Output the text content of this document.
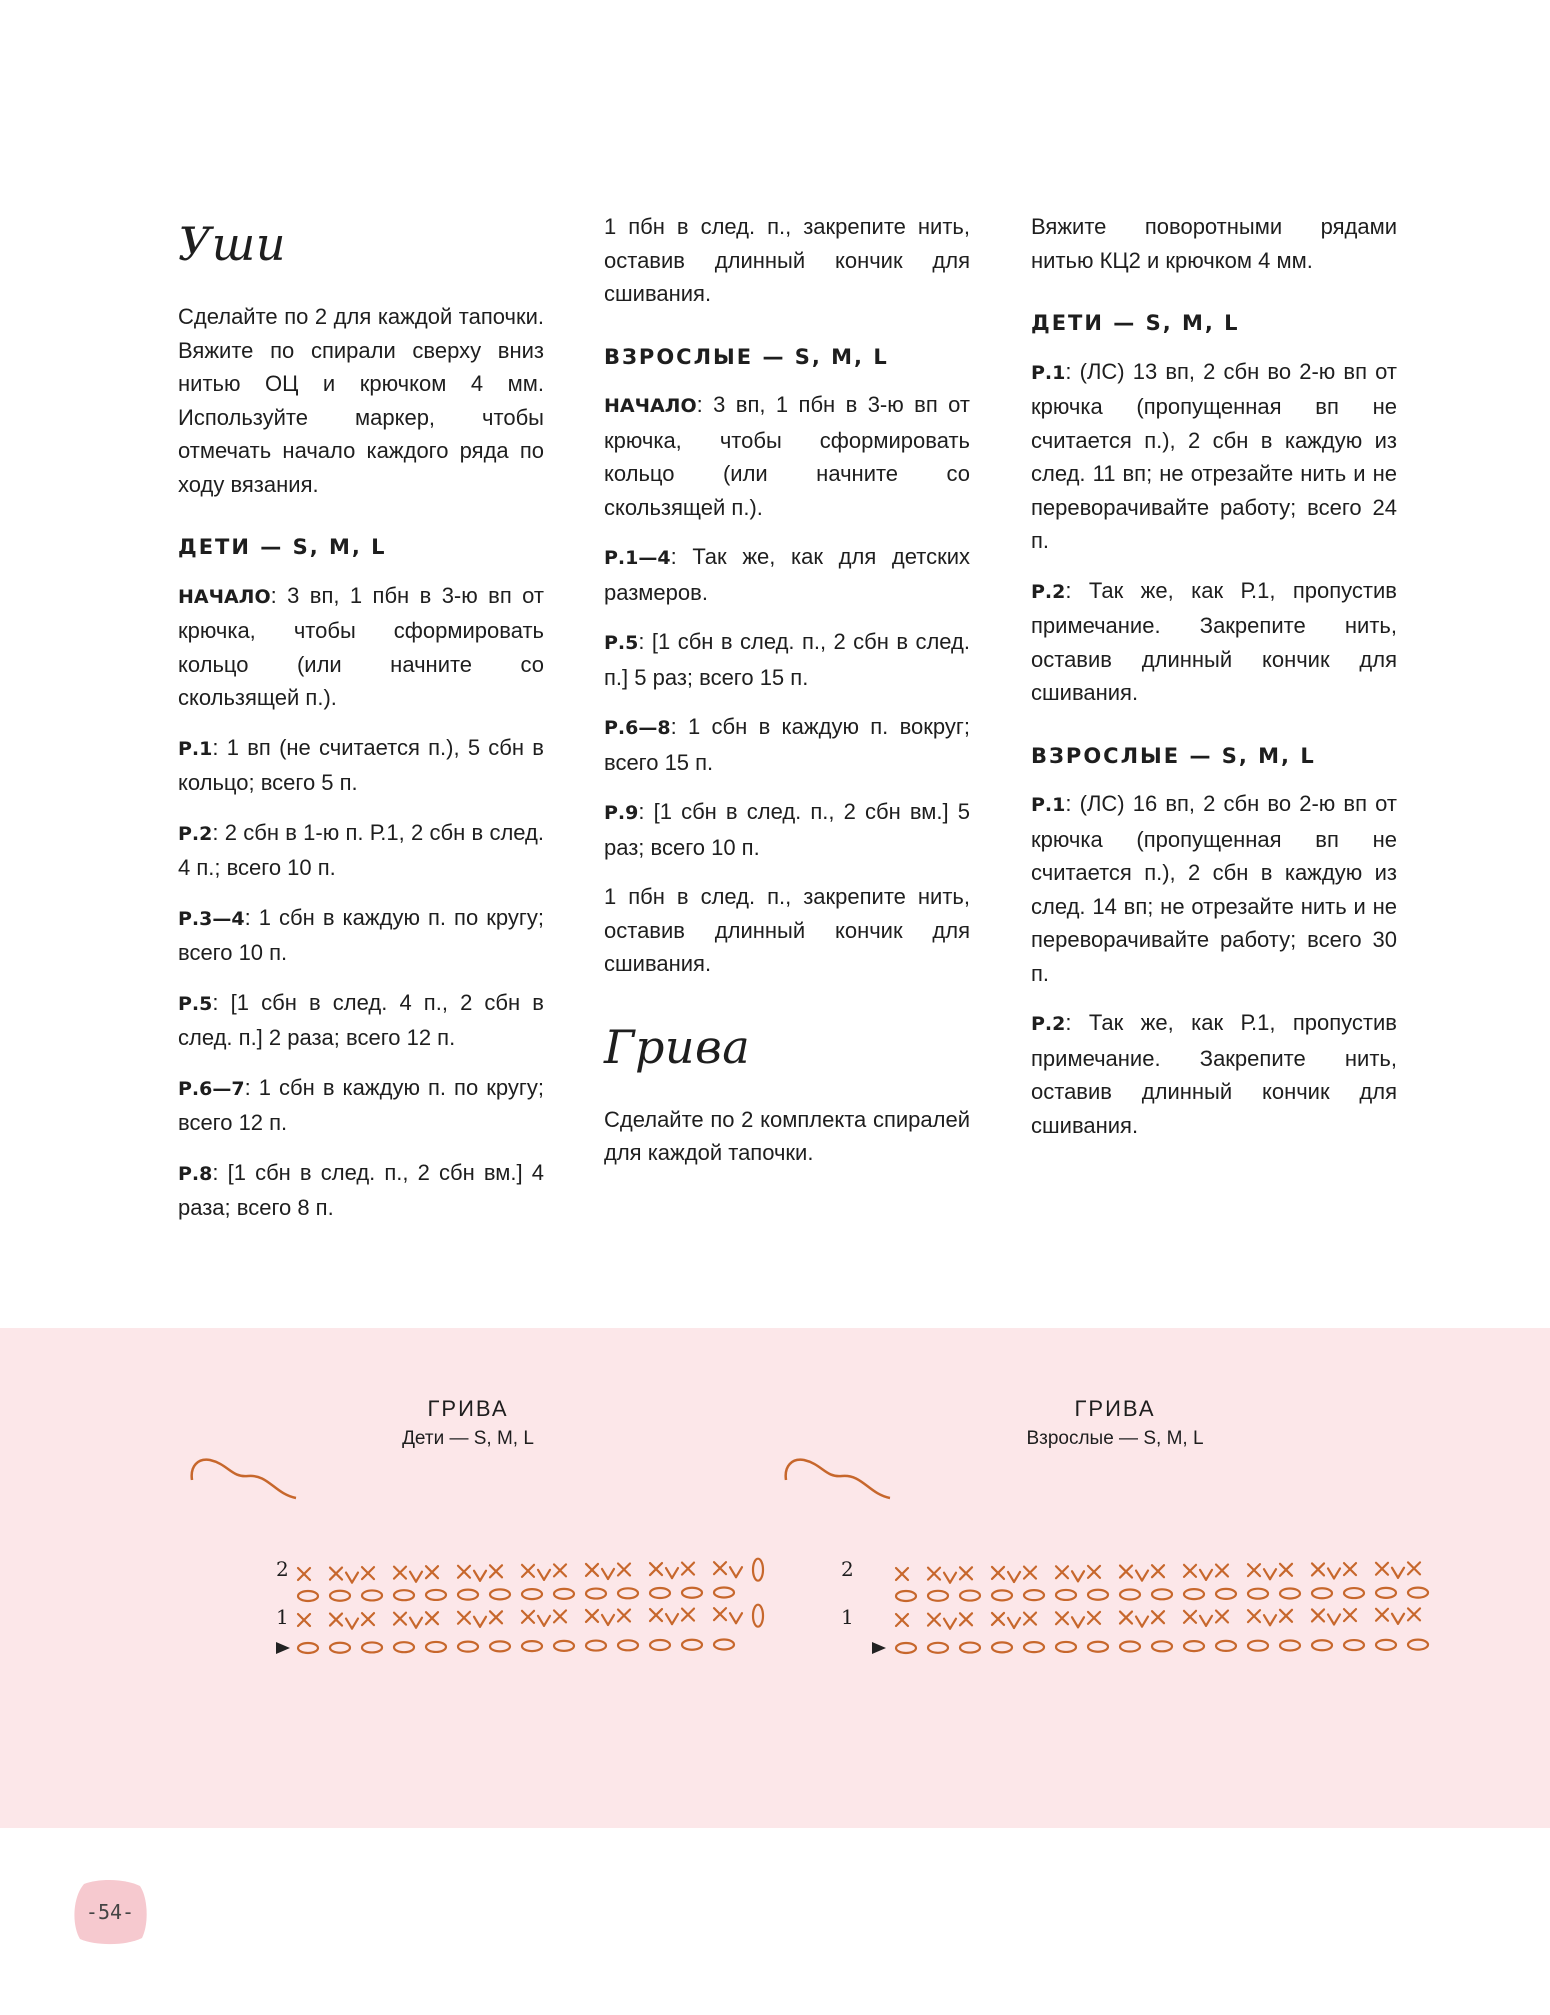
Уши

Сделайте по 2 для каждой тапочки. Вяжите по спирали сверху вниз нитью ОЦ и крючком 4 мм. Используйте маркер, чтобы отмечать начало каждого ряда по ходу вязания.

ДЕТИ — S, M, L

НАЧАЛО: 3 вп, 1 пбн в 3-ю вп от крючка, чтобы сформировать кольцо (или начните со скользящей п.).

Р.1: 1 вп (не считается п.), 5 сбн в кольцо; всего 5 п.

Р.2: 2 сбн в 1-ю п. Р.1, 2 сбн в след. 4 п.; всего 10 п.

Р.3—4: 1 сбн в каждую п. по кругу; всего 10 п.

Р.5: [1 сбн в след. 4 п., 2 сбн в след. п.] 2 раза; всего 12 п.

Р.6—7: 1 сбн в каждую п. по кругу; всего 12 п.

Р.8: [1 сбн в след. п., 2 сбн вм.] 4 раза; всего 8 п.

1 пбн в след. п., закрепите нить, оставив длинный кончик для сшивания.

ВЗРОСЛЫЕ — S, M, L

НАЧАЛО: 3 вп, 1 пбн в 3-ю вп от крючка, чтобы сформировать кольцо (или начните со скользящей п.).

Р.1—4: Так же, как для детских размеров.

Р.5: [1 сбн в след. п., 2 сбн в след. п.] 5 раз; всего 15 п.

Р.6—8: 1 сбн в каждую п. вокруг; всего 15 п.

Р.9: [1 сбн в след. п., 2 сбн вм.] 5 раз; всего 10 п.

1 пбн в след. п., закрепите нить, оставив длинный кончик для сшивания.

Грива

Сделайте по 2 комплекта спиралей для каждой тапочки.

Вяжите поворотными рядами нитью КЦ2 и крючком 4 мм.

ДЕТИ — S, M, L

Р.1: (ЛС) 13 вп, 2 сбн во 2-ю вп от крючка (пропущенная вп не считается п.), 2 сбн в каждую из след. 11 вп; не отрезайте нить и не переворачивайте работу; всего 24 п.

Р.2: Так же, как Р.1, пропустив примечание. Закрепите нить, оставив длинный кончик для сшивания.

ВЗРОСЛЫЕ — S, M, L

Р.1: (ЛС) 16 вп, 2 сбн во 2-ю вп от крючка (пропущенная вп не считается п.), 2 сбн в каждую из след. 14 вп; не отрезайте нить и не переворачивайте работу; всего 30 п.

Р.2: Так же, как Р.1, пропустив примечание. Закрепите нить, оставив длинный кончик для сшивания.

ГРИВА
Дети — S, M, L
ГРИВА
Взрослые — S, M, L
2
1
2
1
-54-
